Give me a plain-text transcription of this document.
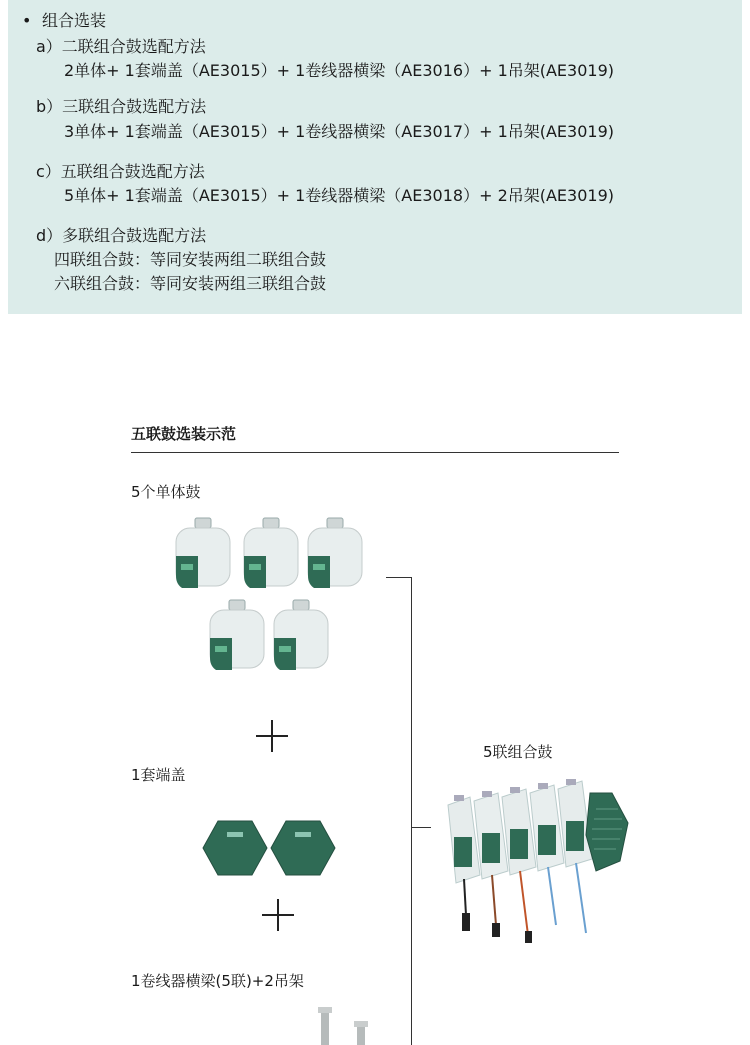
• 组合选装
a）二联组合鼓选配方法
2单体+ 1套端盖（AE3015）+ 1卷线器横梁（AE3016）+ 1吊架(AE3019)
b）三联组合鼓选配方法
3单体+ 1套端盖（AE3015）+ 1卷线器横梁（AE3017）+ 1吊架(AE3019)
c）五联组合鼓选配方法
5单体+ 1套端盖（AE3015）+ 1卷线器横梁（AE3018）+ 2吊架(AE3019)
d）多联组合鼓选配方法
四联组合鼓：等同安装两组二联组合鼓
六联组合鼓：等同安装两组三联组合鼓
五联鼓选装示范
5个单体鼓
1套端盖
1卷线器横梁(5联)+2吊架
5联组合鼓
